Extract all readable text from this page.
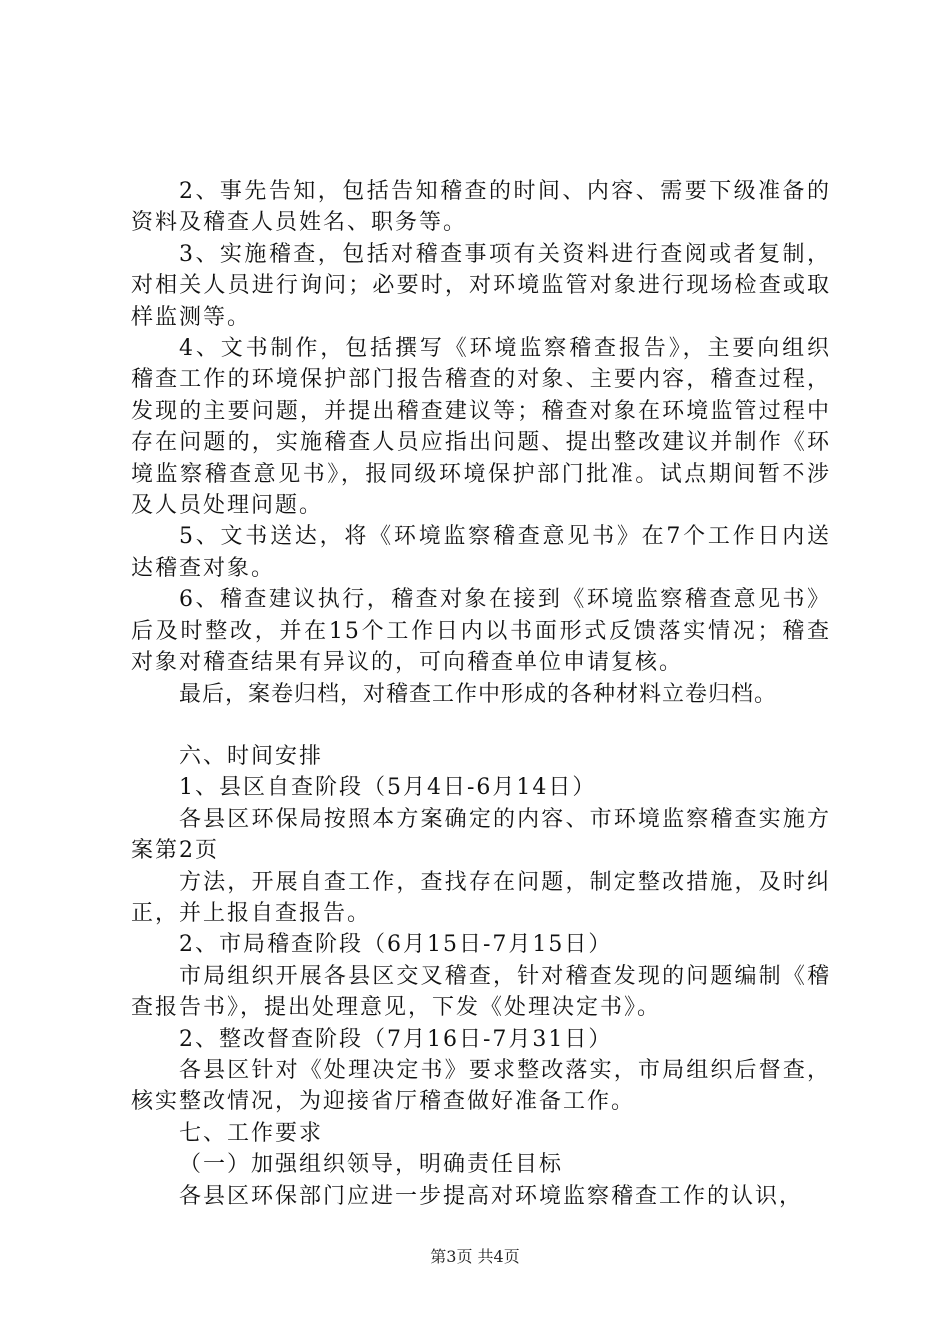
2、事先告知，包括告知稽查的时间、内容、需要下级准备的资料及稽查人员姓名、职务等。

3、实施稽查，包括对稽查事项有关资料进行查阅或者复制，对相关人员进行询问；必要时，对环境监管对象进行现场检查或取样监测等。

4、文书制作，包括撰写《环境监察稽查报告》，主要向组织稽查工作的环境保护部门报告稽查的对象、主要内容，稽查过程，发现的主要问题，并提出稽查建议等；稽查对象在环境监管过程中存在问题的，实施稽查人员应指出问题、提出整改建议并制作《环境监察稽查意见书》，报同级环境保护部门批准。试点期间暂不涉及人员处理问题。

5、文书送达，将《环境监察稽查意见书》在7个工作日内送达稽查对象。

6、稽查建议执行，稽查对象在接到《环境监察稽查意见书》后及时整改，并在15个工作日内以书面形式反馈落实情况；稽查对象对稽查结果有异议的，可向稽查单位申请复核。

最后，案卷归档，对稽查工作中形成的各种材料立卷归档。

六、时间安排

1、县区自查阶段（5月4日-6月14日）

各县区环保局按照本方案确定的内容、市环境监察稽查实施方案第2页

方法，开展自查工作，查找存在问题，制定整改措施，及时纠正，并上报自查报告。

2、市局稽查阶段（6月15日-7月15日）

市局组织开展各县区交叉稽查，针对稽查发现的问题编制《稽查报告书》，提出处理意见，下发《处理决定书》。

2、整改督查阶段（7月16日-7月31日）

各县区针对《处理决定书》要求整改落实，市局组织后督查，核实整改情况，为迎接省厅稽查做好准备工作。

七、工作要求

（一）加强组织领导，明确责任目标

各县区环保部门应进一步提高对环境监察稽查工作的认识，

第3页 共4页
